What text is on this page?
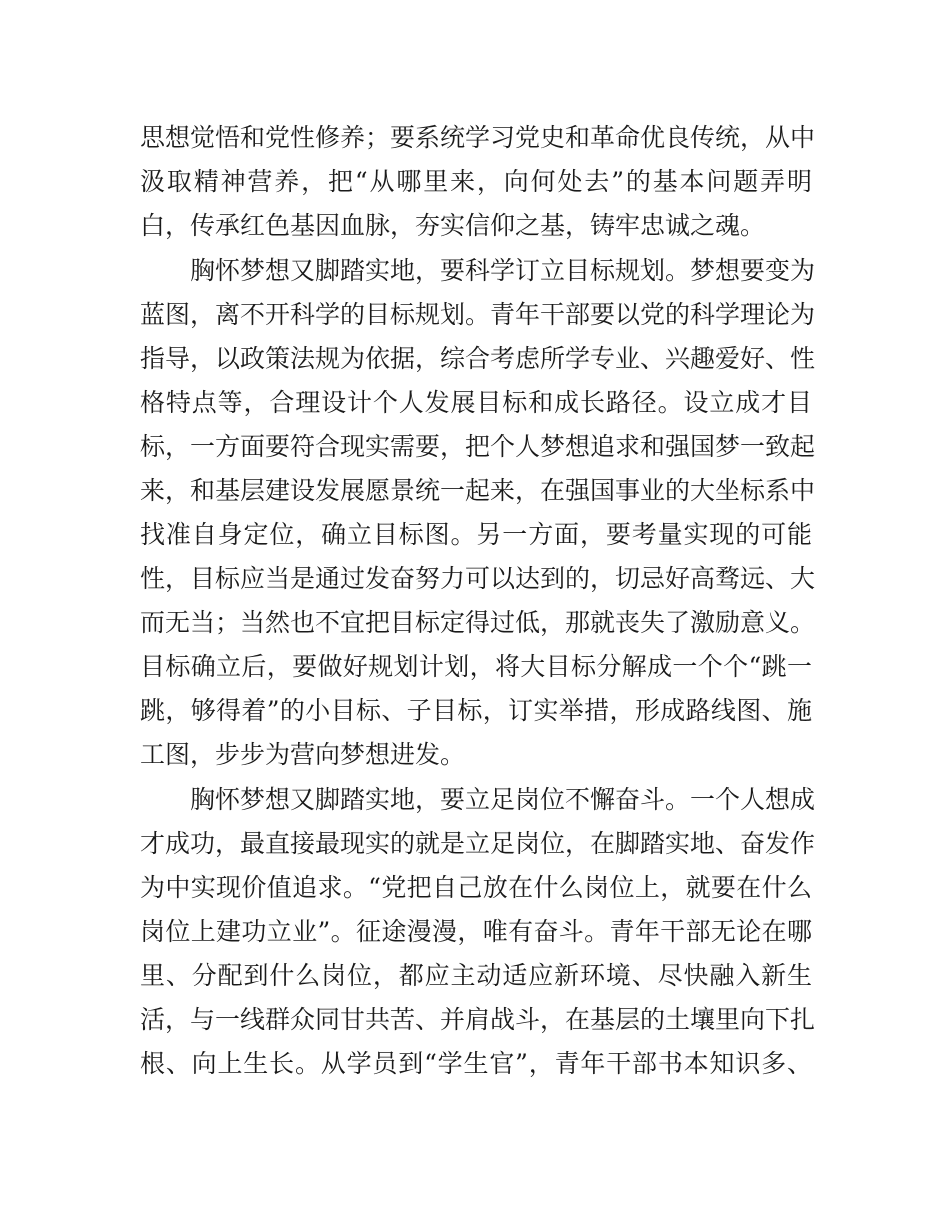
思想觉悟和党性修养；要系统学习党史和革命优良传统，从中
汲取精神营养，把“从哪里来，向何处去”的基本问题弄明
白，传承红色基因血脉，夯实信仰之基，铸牢忠诚之魂。
　　胸怀梦想又脚踏实地，要科学订立目标规划。梦想要变为
蓝图，离不开科学的目标规划。青年干部要以党的科学理论为
指导，以政策法规为依据，综合考虑所学专业、兴趣爱好、性
格特点等，合理设计个人发展目标和成长路径。设立成才目
标，一方面要符合现实需要，把个人梦想追求和强国梦一致起
来，和基层建设发展愿景统一起来，在强国事业的大坐标系中
找准自身定位，确立目标图。另一方面，要考量实现的可能
性，目标应当是通过发奋努力可以达到的，切忌好高骛远、大
而无当；当然也不宜把目标定得过低，那就丧失了激励意义。
目标确立后，要做好规划计划，将大目标分解成一个个“跳一
跳，够得着”的小目标、子目标，订实举措，形成路线图、施
工图，步步为营向梦想进发。
　　胸怀梦想又脚踏实地，要立足岗位不懈奋斗。一个人想成
才成功，最直接最现实的就是立足岗位，在脚踏实地、奋发作
为中实现价值追求。“党把自己放在什么岗位上，就要在什么
岗位上建功立业”。征途漫漫，唯有奋斗。青年干部无论在哪
里、分配到什么岗位，都应主动适应新环境、尽快融入新生
活，与一线群众同甘共苦、并肩战斗，在基层的土壤里向下扎
根、向上生长。从学员到“学生官”，青年干部书本知识多、
